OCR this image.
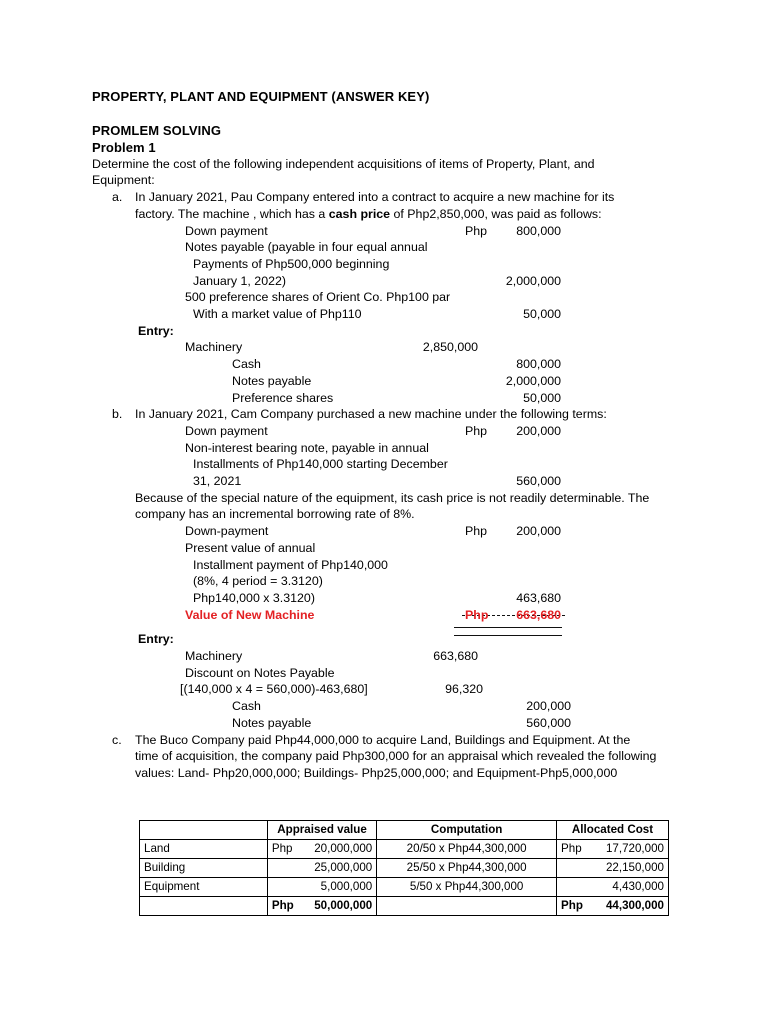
PROPERTY, PLANT AND EQUIPMENT (ANSWER KEY)
PROMLEM SOLVING
Problem 1
Determine the cost of the following independent acquisitions of items of Property, Plant, and
Equipment:
a. In January 2021, Pau Company entered into a contract to acquire a new machine for its
factory. The machine , which has a cash price of Php2,850,000, was paid as follows:
Down payment	Php	800,000
Notes payable (payable in four equal annual
Payments of Php500,000 beginning
January 1, 2022)	2,000,000
500 preference shares of Orient Co. Php100 par
With a market value of Php110	50,000
Entry:
Machinery	2,850,000
Cash	800,000
Notes payable	2,000,000
Preference shares	50,000
b. In January 2021, Cam Company purchased a new machine under the following terms:
Down payment	Php	200,000
Non-interest bearing note, payable in annual
Installments of Php140,000 starting December
31, 2021	560,000
Because of the special nature of the equipment, its cash price is not readily determinable. The
company has an incremental borrowing rate of 8%.
Down-payment	Php	200,000
Present value of annual
Installment payment of Php140,000
(8%, 4 period = 3.3120)
Php140,000 x 3.3120)	463,680
Value of New Machine	Php	663,680
Entry:
Machinery	663,680
Discount on Notes Payable
[(140,000 x 4 = 560,000)-463,680]	96,320
Cash	200,000
Notes payable	560,000
c. The Buco Company paid Php44,000,000 to acquire Land, Buildings and Equipment. At the
time of acquisition, the company paid Php300,000 for an appraisal which revealed the following
values: Land- Php20,000,000; Buildings- Php25,000,000; and Equipment-Php5,000,000
	Appraised value	Computation	Allocated Cost
Land	Php 20,000,000	20/50 x Php44,300,000	Php 17,720,000

Building	25,000,000	25/50 x Php44,300,000	22,150,000
Equipment	5,000,000	5/50 x Php44,300,000	4,430,000

	Php 50,000,000		Php 44,300,000
